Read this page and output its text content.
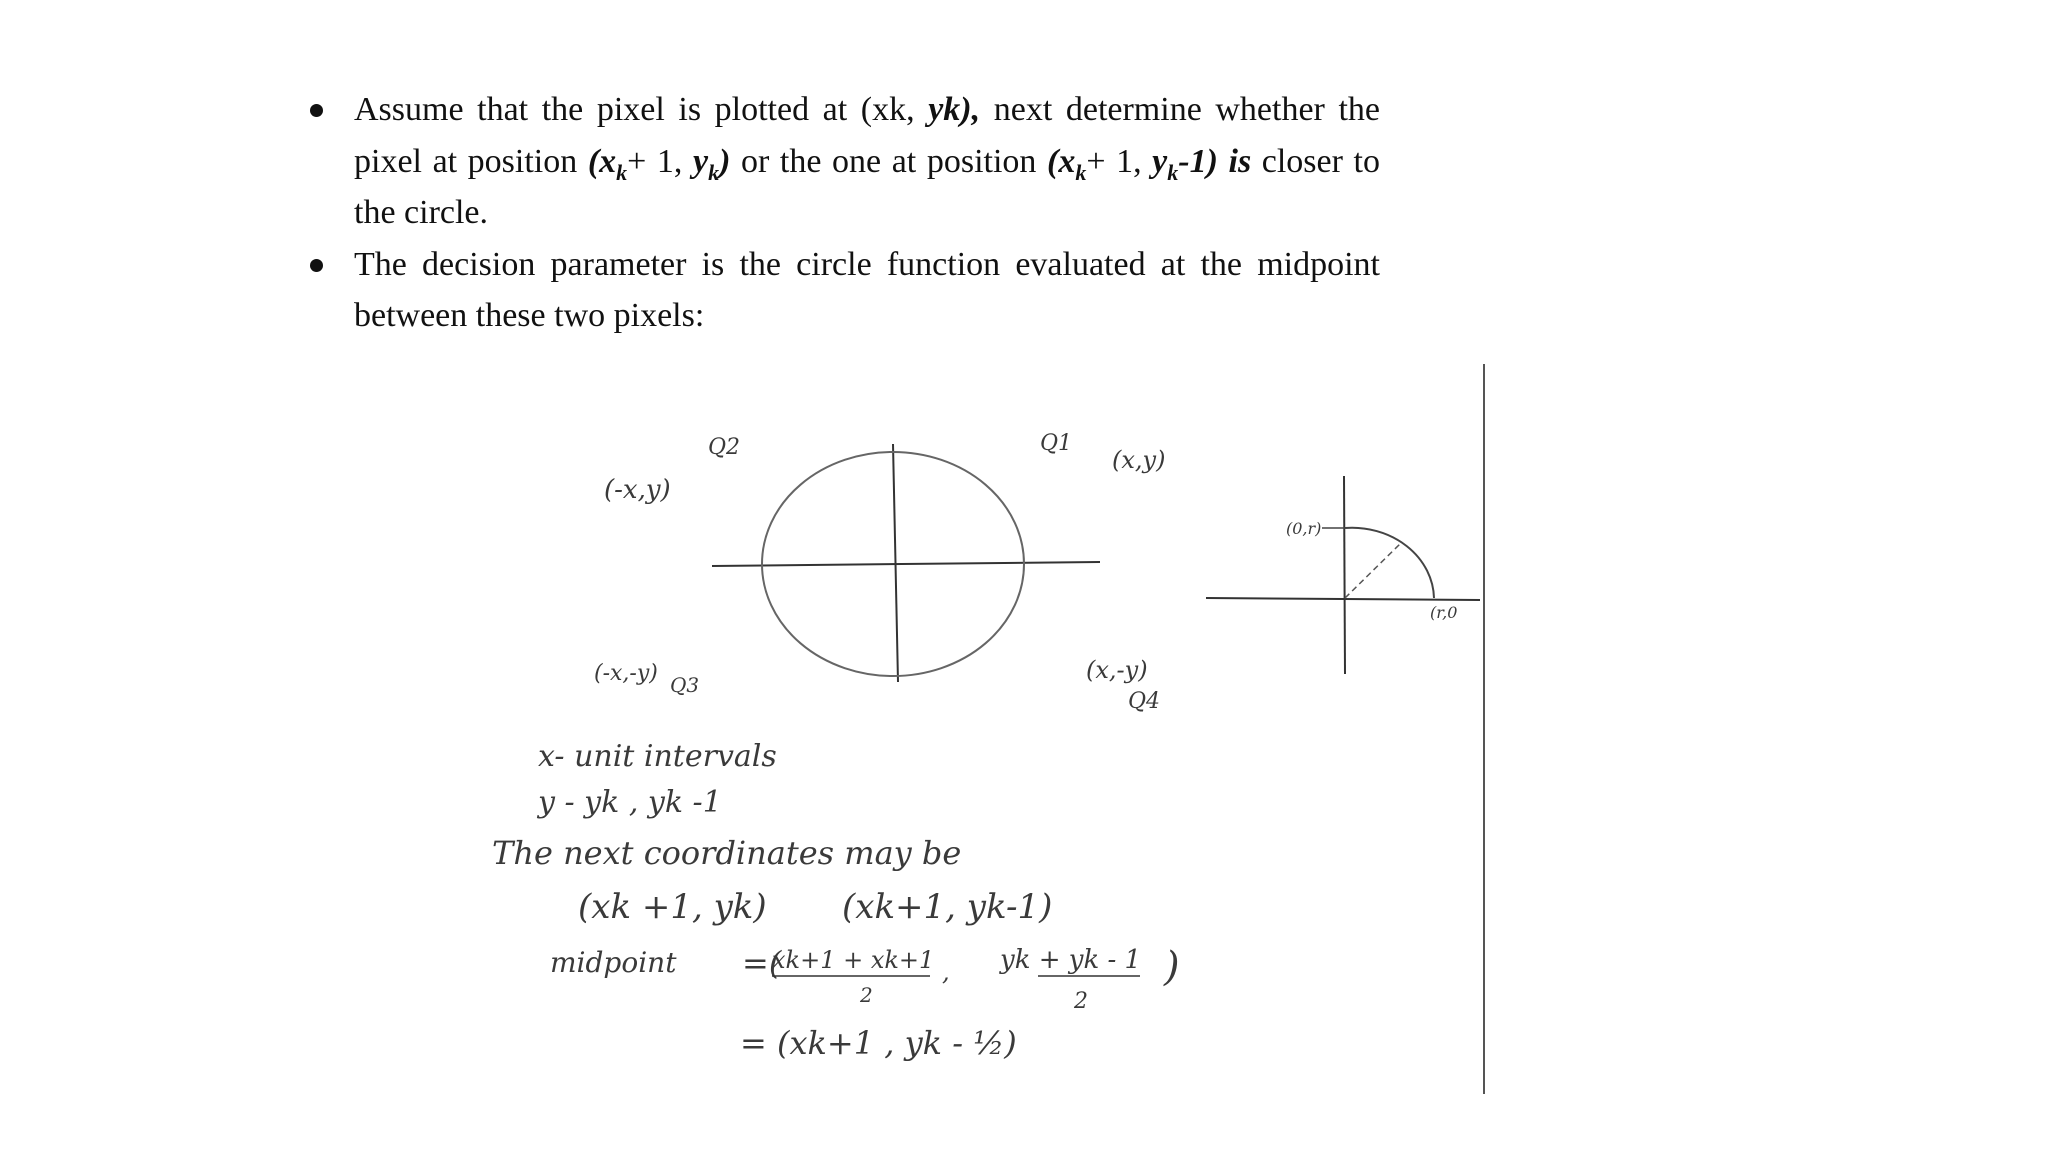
Assume that the pixel is plotted at (xk, yk), next determine whether the pixel at position ($x_k+ 1$, $y_k$) or the one at position ($x_k+ 1$, $y_k-1$) is closer to the circle.
The decision parameter is the circle function evaluated at the midpoint between these two pixels:
Q2	Q1
(x,y)
(-x,y)
(-x,-y) Q3
(x,-y)
Q4
(0,r)
(r,0
x- unit intervals
y - yk , yk -1
The next coordinates may be
(xk +1, yk) (xk+1, yk-1)
midpoint =(
xk+1 + xk+1
2
, yk + yk - 1
2
)
= (xk+1 , yk - ½)
